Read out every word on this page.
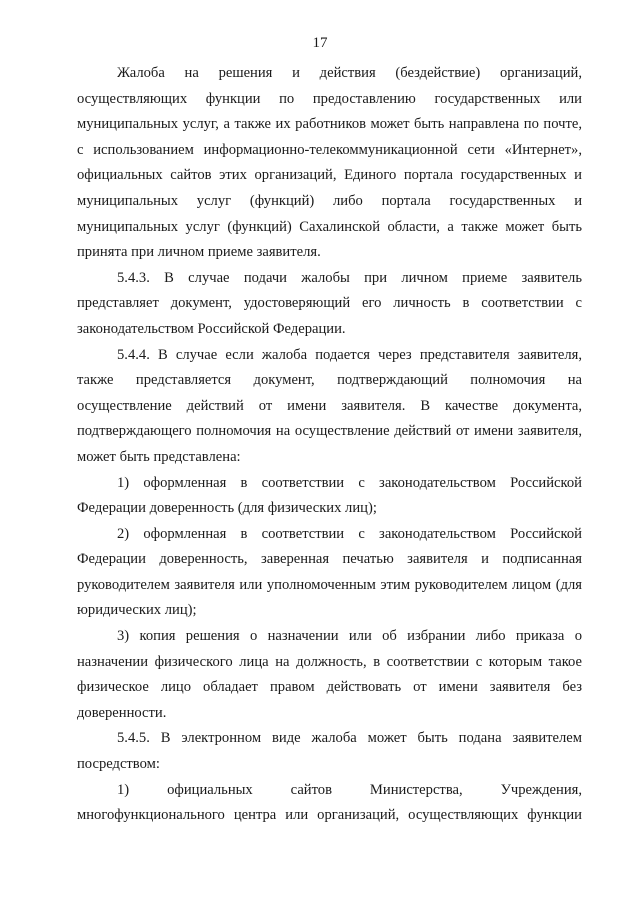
17

Жалоба на решения и действия (бездействие) организаций, осуществляющих функции по предоставлению государственных или муниципальных услуг, а также их работников может быть направлена по почте, с использованием информационно-телекоммуникационной сети «Интернет», официальных сайтов этих организаций, Единого портала государственных и муниципальных услуг (функций) либо портала государственных и муниципальных услуг (функций) Сахалинской области, а также может быть принята при личном приеме заявителя.

5.4.3. В случае подачи жалобы при личном приеме заявитель представляет документ, удостоверяющий его личность в соответствии с законодательством Российской Федерации.

5.4.4. В случае если жалоба подается через представителя заявителя, также представляется документ, подтверждающий полномочия на осуществление действий от имени заявителя. В качестве документа, подтверждающего полномочия на осуществление действий от имени заявителя, может быть представлена:

1) оформленная в соответствии с законодательством Российской Федерации доверенность (для физических лиц);

2) оформленная в соответствии с законодательством Российской Федерации доверенность, заверенная печатью заявителя и подписанная руководителем заявителя или уполномоченным этим руководителем лицом (для юридических лиц);

3) копия решения о назначении или об избрании либо приказа о назначении физического лица на должность, в соответствии с которым такое физическое лицо обладает правом действовать от имени заявителя без доверенности.

5.4.5. В электронном виде жалоба может быть подана заявителем посредством:

1) официальных сайтов Министерства, Учреждения, многофункционального центра или организаций, осуществляющих функции
